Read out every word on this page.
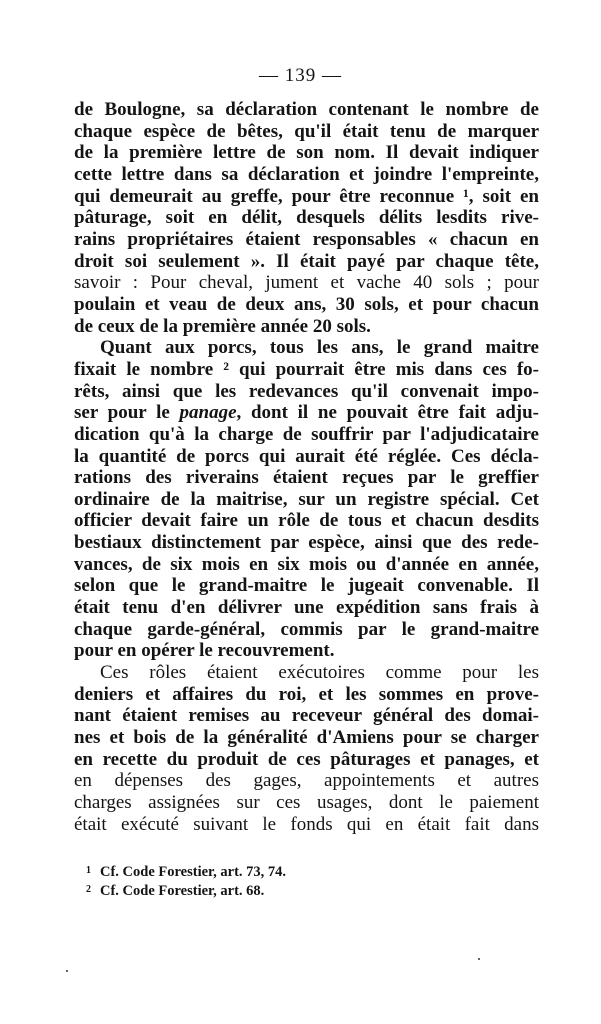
— 139 —
de Boulogne, sa déclaration contenant le nombre de
chaque espèce de bêtes, qu'il était tenu de marquer
de la première lettre de son nom. Il devait indiquer
cette lettre dans sa déclaration et joindre l'empreinte,
qui demeurait au greffe, pour être reconnue ¹, soit en
pâturage, soit en délit, desquels délits lesdits rive-
rains propriétaires étaient responsables « chacun en
droit soi seulement ». Il était payé par chaque tête,
savoir : Pour cheval, jument et vache 40 sols ; pour
poulain et veau de deux ans, 30 sols, et pour chacun
de ceux de la première année 20 sols.
Quant aux porcs, tous les ans, le grand maitre
fixait le nombre ² qui pourrait être mis dans ces fo-
rêts, ainsi que les redevances qu'il convenait impo-
ser pour le panage, dont il ne pouvait être fait adju-
dication qu'à la charge de souffrir par l'adjudicataire
la quantité de porcs qui aurait été réglée. Ces décla-
rations des riverains étaient reçues par le greffier
ordinaire de la maitrise, sur un registre spécial. Cet
officier devait faire un rôle de tous et chacun desdits
bestiaux distinctement par espèce, ainsi que des rede-
vances, de six mois en six mois ou d'année en année,
selon que le grand-maitre le jugeait convenable. Il
était tenu d'en délivrer une expédition sans frais à
chaque garde-général, commis par le grand-maitre
pour en opérer le recouvrement.
Ces rôles étaient exécutoires comme pour les
deniers et affaires du roi, et les sommes en prove-
nant étaient remises au receveur général des domai-
nes et bois de la généralité d'Amiens pour se charger
en recette du produit de ces pâturages et panages, et
en dépenses des gages, appointements et autres
charges assignées sur ces usages, dont le paiement
était exécuté suivant le fonds qui en était fait dans
1 Cf. Code Forestier, art. 73, 74.
2 Cf. Code Forestier, art. 68.
